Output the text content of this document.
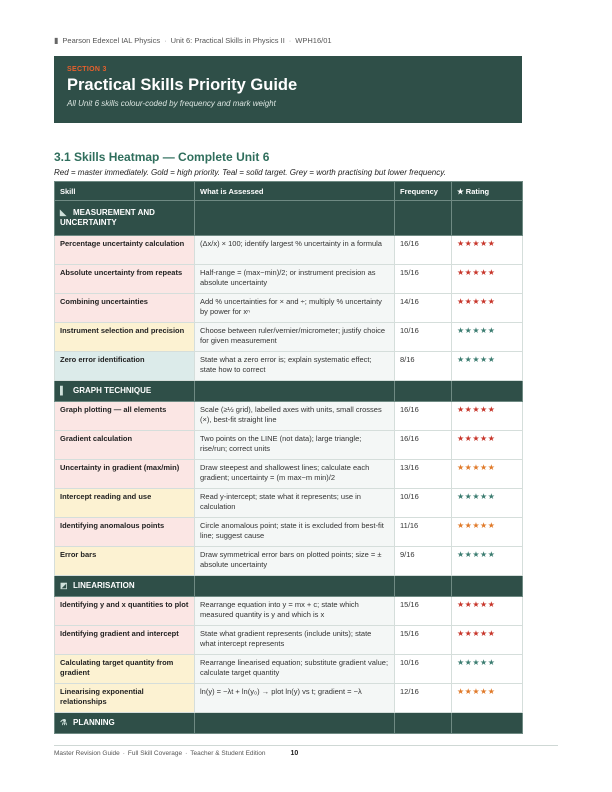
▮ Pearson Edexcel IAL Physics · Unit 6: Practical Skills in Physics II · WPH16/01
SECTION 3
Practical Skills Priority Guide
All Unit 6 skills colour-coded by frequency and mark weight
3.1 Skills Heatmap — Complete Unit 6
Red = master immediately. Gold = high priority. Teal = solid target. Grey = worth practising but lower frequency.
Skill	What is Assessed	Frequency	★ Rating
◣ MEASUREMENT AND UNCERTAINTY			
Percentage uncertainty calculation	(Δx/x) × 100; identify largest % uncertainty in a formula	16/16	★★★★★
Absolute uncertainty from repeats	Half-range = (max−min)/2; or instrument precision as absolute uncertainty	15/16	★★★★★
Combining uncertainties	Add % uncertainties for × and ÷; multiply % uncertainty by power for xⁿ	14/16	★★★★★
Instrument selection and precision	Choose between ruler/vernier/micrometer; justify choice for given measurement	10/16	★★★★★
Zero error identification	State what a zero error is; explain systematic effect; state how to correct	8/16	★★★★★
▌ GRAPH TECHNIQUE			
Graph plotting — all elements	Scale (≥½ grid), labelled axes with units, small crosses (×), best-fit straight line	16/16	★★★★★
Gradient calculation	Two points on the LINE (not data); large triangle; rise/run; correct units	16/16	★★★★★
Uncertainty in gradient (max/min)	Draw steepest and shallowest lines; calculate each gradient; uncertainty = (m max−m min)/2	13/16	★★★★★
Intercept reading and use	Read y-intercept; state what it represents; use in calculation	10/16	★★★★★
Identifying anomalous points	Circle anomalous point; state it is excluded from best-fit line; suggest cause	11/16	★★★★★
Error bars	Draw symmetrical error bars on plotted points; size = ± absolute uncertainty	9/16	★★★★★
◩ LINEARISATION			
Identifying y and x quantities to plot	Rearrange equation into y = mx + c; state which measured quantity is y and which is x	15/16	★★★★★
Identifying gradient and intercept	State what gradient represents (include units); state what intercept represents	15/16	★★★★★
Calculating target quantity from gradient	Rearrange linearised equation; substitute gradient value; calculate target quantity	10/16	★★★★★
Linearising exponential relationships	ln(y) = −λt + ln(y₀) → plot ln(y) vs t; gradient = −λ	12/16	★★★★★
⚗ PLANNING			
Master Revision Guide · Full Skill Coverage · Teacher & Student Edition	10
